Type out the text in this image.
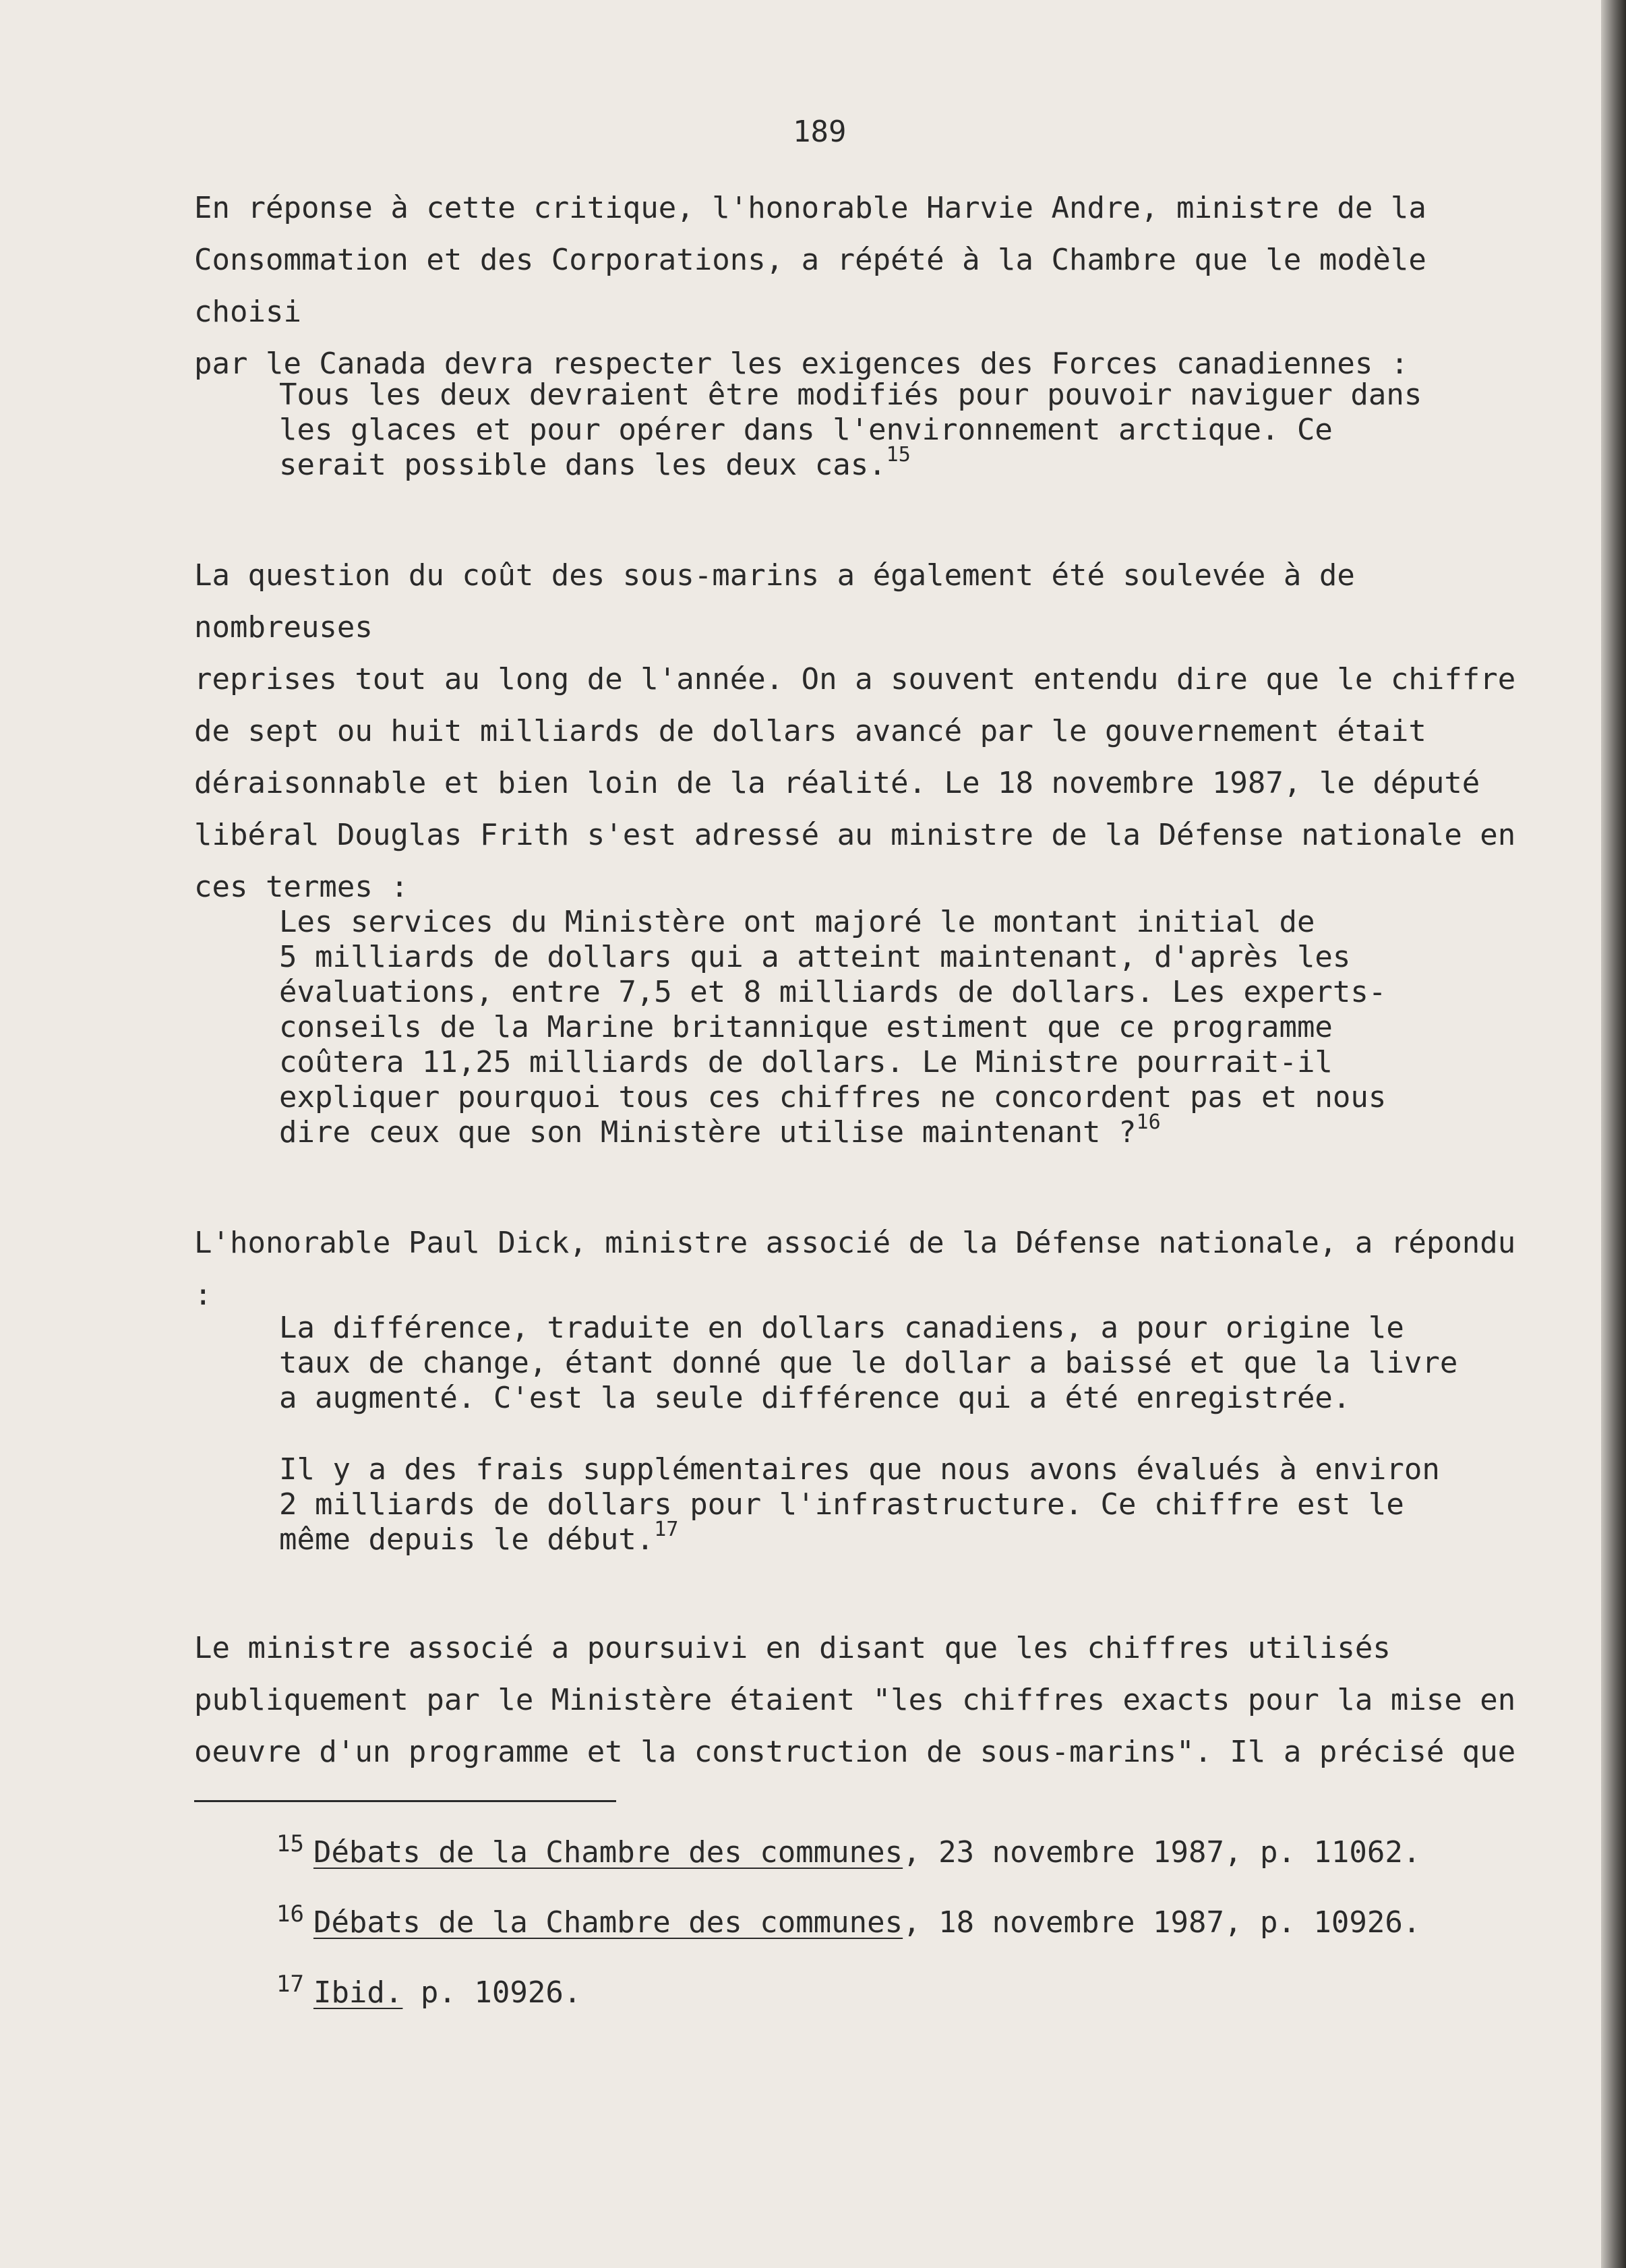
189

En réponse à cette critique, l'honorable Harvie Andre, ministre de la
Consommation et des Corporations, a répété à la Chambre que le modèle choisi
par le Canada devra respecter les exigences des Forces canadiennes :

Tous les deux devraient être modifiés pour pouvoir naviguer dans
les glaces et pour opérer dans l'environnement arctique. Ce
serait possible dans les deux cas.$^{15}$

La question du coût des sous-marins a également été soulevée à de nombreuses
reprises tout au long de l'année. On a souvent entendu dire que le chiffre
de sept ou huit milliards de dollars avancé par le gouvernement était
déraisonnable et bien loin de la réalité. Le 18 novembre 1987, le député
libéral Douglas Frith s'est adressé au ministre de la Défense nationale en
ces termes :

Les services du Ministère ont majoré le montant initial de
5 milliards de dollars qui a atteint maintenant, d'après les
évaluations, entre 7,5 et 8 milliards de dollars. Les experts-
conseils de la Marine britannique estiment que ce programme
coûtera 11,25 milliards de dollars. Le Ministre pourrait-il
expliquer pourquoi tous ces chiffres ne concordent pas et nous
dire ceux que son Ministère utilise maintenant ?$^{16}$

L'honorable Paul Dick, ministre associé de la Défense nationale, a répondu :

La différence, traduite en dollars canadiens, a pour origine le
taux de change, étant donné que le dollar a baissé et que la livre
a augmenté. C'est la seule différence qui a été enregistrée.

Il y a des frais supplémentaires que nous avons évalués à environ
2 milliards de dollars pour l'infrastructure. Ce chiffre est le
même depuis le début.$^{17}$

Le ministre associé a poursuivi en disant que les chiffres utilisés
publiquement par le Ministère étaient "les chiffres exacts pour la mise en
oeuvre d'un programme et la construction de sous-marins". Il a précisé que

$^{15}$ Débats de la Chambre des communes, 23 novembre 1987, p. 11062.

$^{16}$ Débats de la Chambre des communes, 18 novembre 1987, p. 10926.

$^{17}$ Ibid. p. 10926.
